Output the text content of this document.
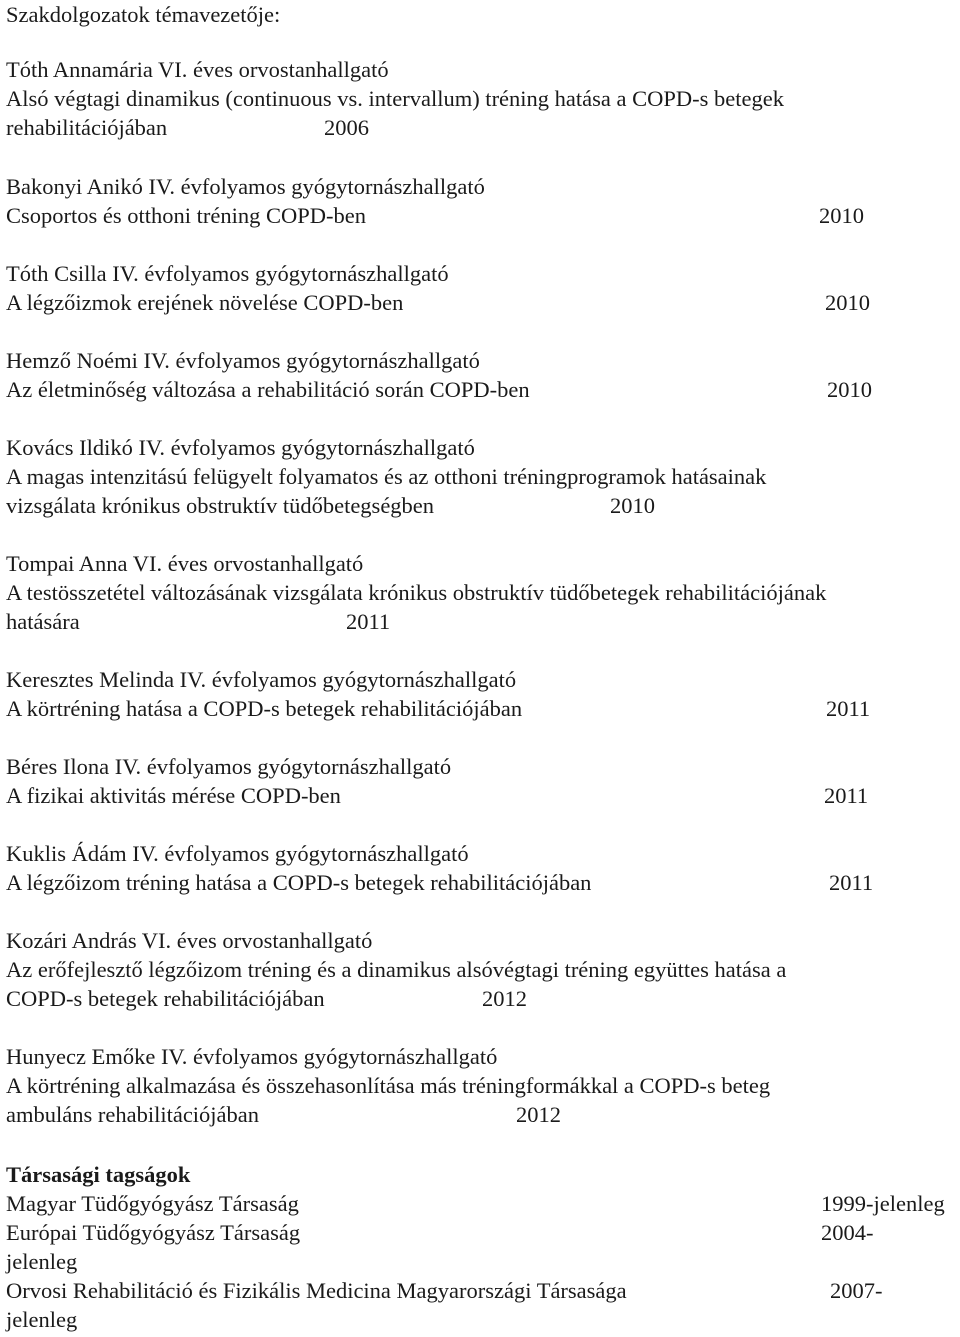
Szakdolgozatok témavezetője:
Tóth Annamária VI. éves orvostanhallgató
Alsó végtagi dinamikus (continuous vs. intervallum) tréning hatása a COPD-s betegek
rehabilitációjában	2006
Bakonyi Anikó IV. évfolyamos gyógytornászhallgató
Csoportos és otthoni tréning COPD-ben	2010
Tóth Csilla IV. évfolyamos gyógytornászhallgató
A légzőizmok erejének növelése COPD-ben	2010
Hemző Noémi IV. évfolyamos gyógytornászhallgató
Az életminőség változása a rehabilitáció során COPD-ben	2010
Kovács Ildikó IV. évfolyamos gyógytornászhallgató
A magas intenzitású felügyelt folyamatos és az otthoni tréningprogramok hatásainak
vizsgálata krónikus obstruktív tüdőbetegségben	2010
Tompai Anna VI. éves orvostanhallgató
A testösszetétel változásának vizsgálata krónikus obstruktív tüdőbetegek rehabilitációjának
hatására	2011
Keresztes Melinda IV. évfolyamos gyógytornászhallgató
A körtréning hatása a COPD-s betegek rehabilitációjában	2011
Béres Ilona IV. évfolyamos gyógytornászhallgató
A fizikai aktivitás mérése COPD-ben	2011
Kuklis Ádám IV. évfolyamos gyógytornászhallgató
A légzőizom tréning hatása a COPD-s betegek rehabilitációjában	2011
Kozári András VI. éves orvostanhallgató
Az erőfejlesztő légzőizom tréning és a dinamikus alsóvégtagi tréning együttes hatása a
COPD-s betegek rehabilitációjában	2012
Hunyecz Emőke IV. évfolyamos gyógytornászhallgató
A körtréning alkalmazása és összehasonlítása más tréningformákkal a COPD-s beteg
ambuláns rehabilitációjában	2012
Társasági tagságok
Magyar Tüdőgyógyász Társaság	1999-jelenleg
Európai Tüdőgyógyász Társaság	2004-
jelenleg
Orvosi Rehabilitáció és Fizikális Medicina Magyarországi Társasága	2007-
jelenleg
